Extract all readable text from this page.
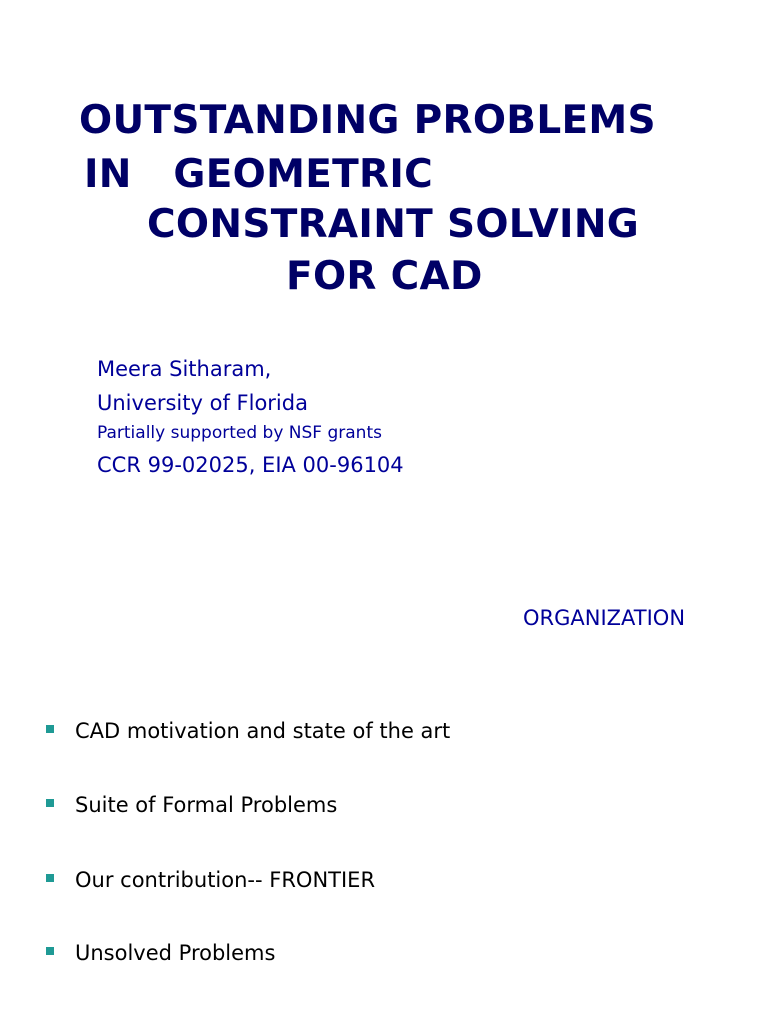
OUTSTANDING PROBLEMS
IN   GEOMETRIC
CONSTRAINT SOLVING
FOR CAD
Meera Sitharam,
University of Florida
Partially supported by NSF grants
CCR 99-02025, EIA 00-96104
ORGANIZATION
CAD motivation and state of the art
Suite of Formal Problems
Our contribution-- FRONTIER
Unsolved Problems
